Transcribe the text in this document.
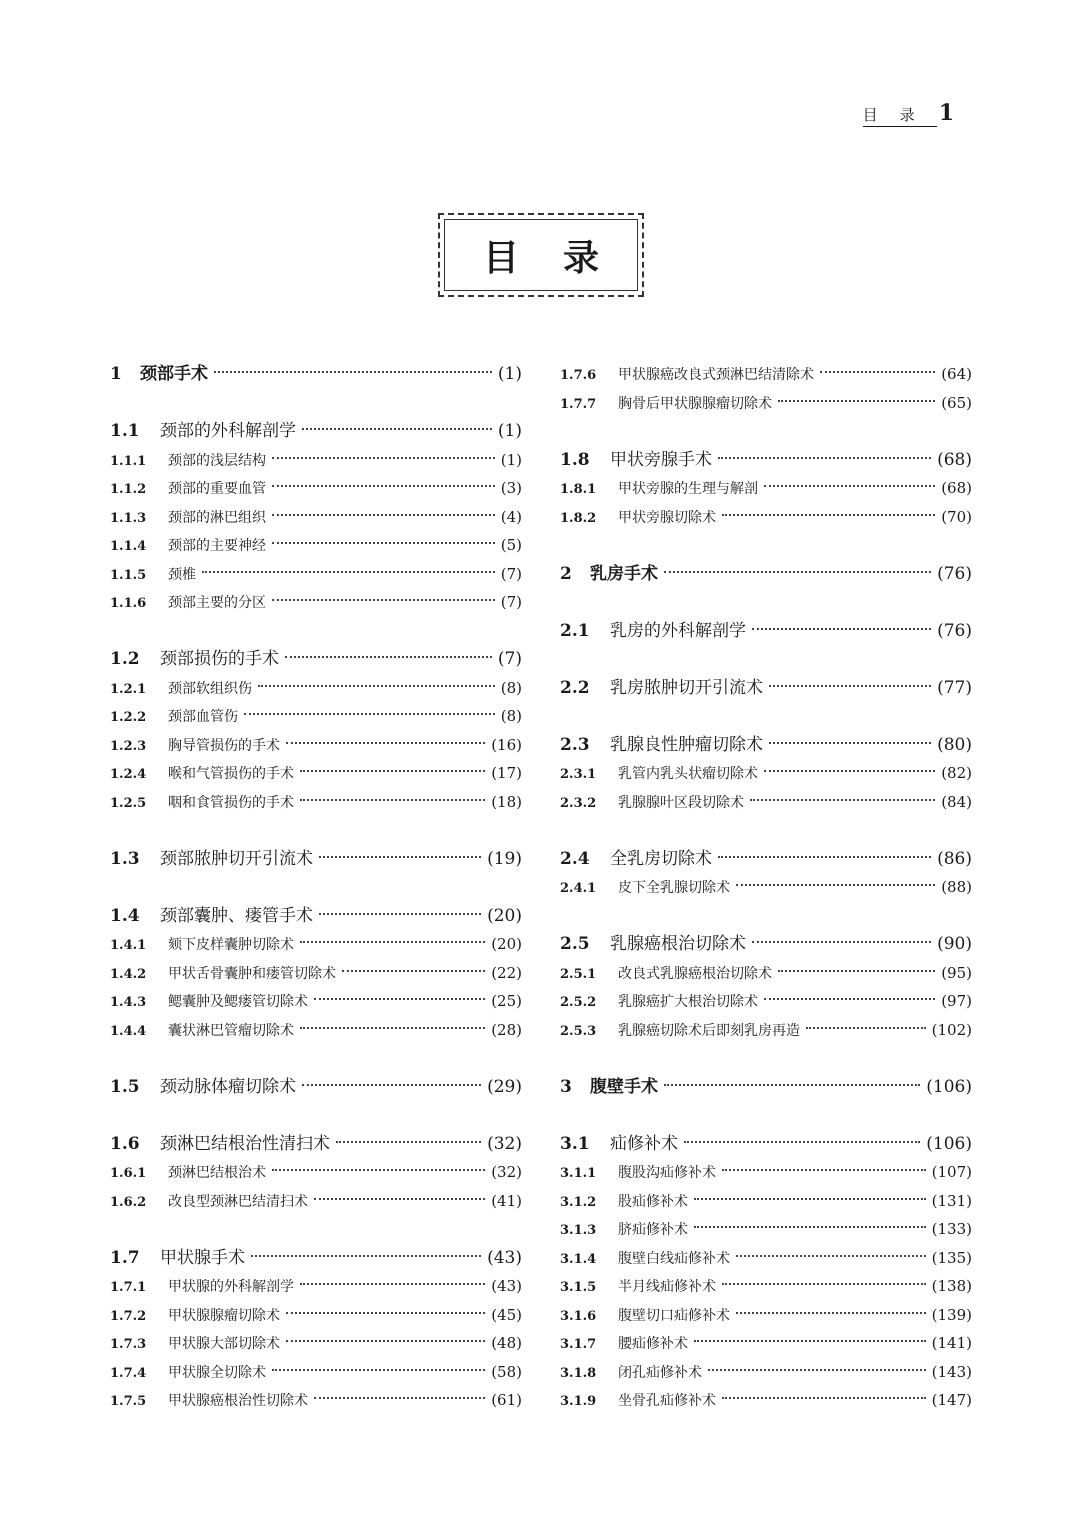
目录 1
目录
1	颈部手术	(1)
1.1	颈部的外科解剖学	(1)
1.1.1	颈部的浅层结构	(1)
1.1.2	颈部的重要血管	(3)
1.1.3	颈部的淋巴组织	(4)
1.1.4	颈部的主要神经	(5)
1.1.5	颈椎	(7)
1.1.6	颈部主要的分区	(7)
1.2	颈部损伤的手术	(7)
1.2.1	颈部软组织伤	(8)
1.2.2	颈部血管伤	(8)
1.2.3	胸导管损伤的手术	(16)
1.2.4	喉和气管损伤的手术	(17)
1.2.5	咽和食管损伤的手术	(18)
1.3	颈部脓肿切开引流术	(19)
1.4	颈部囊肿、瘘管手术	(20)
1.4.1	颏下皮样囊肿切除术	(20)
1.4.2	甲状舌骨囊肿和瘘管切除术	(22)
1.4.3	鳃囊肿及鳃瘘管切除术	(25)
1.4.4	囊状淋巴管瘤切除术	(28)
1.5	颈动脉体瘤切除术	(29)
1.6	颈淋巴结根治性清扫术	(32)
1.6.1	颈淋巴结根治术	(32)
1.6.2	改良型颈淋巴结清扫术	(41)
1.7	甲状腺手术	(43)
1.7.1	甲状腺的外科解剖学	(43)
1.7.2	甲状腺腺瘤切除术	(45)
1.7.3	甲状腺大部切除术	(48)
1.7.4	甲状腺全切除术	(58)
1.7.5	甲状腺癌根治性切除术	(61)
1.7.6	甲状腺癌改良式颈淋巴结清除术	(64)
1.7.7	胸骨后甲状腺腺瘤切除术	(65)
1.8	甲状旁腺手术	(68)
1.8.1	甲状旁腺的生理与解剖	(68)
1.8.2	甲状旁腺切除术	(70)
2	乳房手术	(76)
2.1	乳房的外科解剖学	(76)
2.2	乳房脓肿切开引流术	(77)
2.3	乳腺良性肿瘤切除术	(80)
2.3.1	乳管内乳头状瘤切除术	(82)
2.3.2	乳腺腺叶区段切除术	(84)
2.4	全乳房切除术	(86)
2.4.1	皮下全乳腺切除术	(88)
2.5	乳腺癌根治切除术	(90)
2.5.1	改良式乳腺癌根治切除术	(95)
2.5.2	乳腺癌扩大根治切除术	(97)
2.5.3	乳腺癌切除术后即刻乳房再造	(102)
3	腹壁手术	(106)
3.1	疝修补术	(106)
3.1.1	腹股沟疝修补术	(107)
3.1.2	股疝修补术	(131)
3.1.3	脐疝修补术	(133)
3.1.4	腹壁白线疝修补术	(135)
3.1.5	半月线疝修补术	(138)
3.1.6	腹壁切口疝修补术	(139)
3.1.7	腰疝修补术	(141)
3.1.8	闭孔疝修补术	(143)
3.1.9	坐骨孔疝修补术	(147)
